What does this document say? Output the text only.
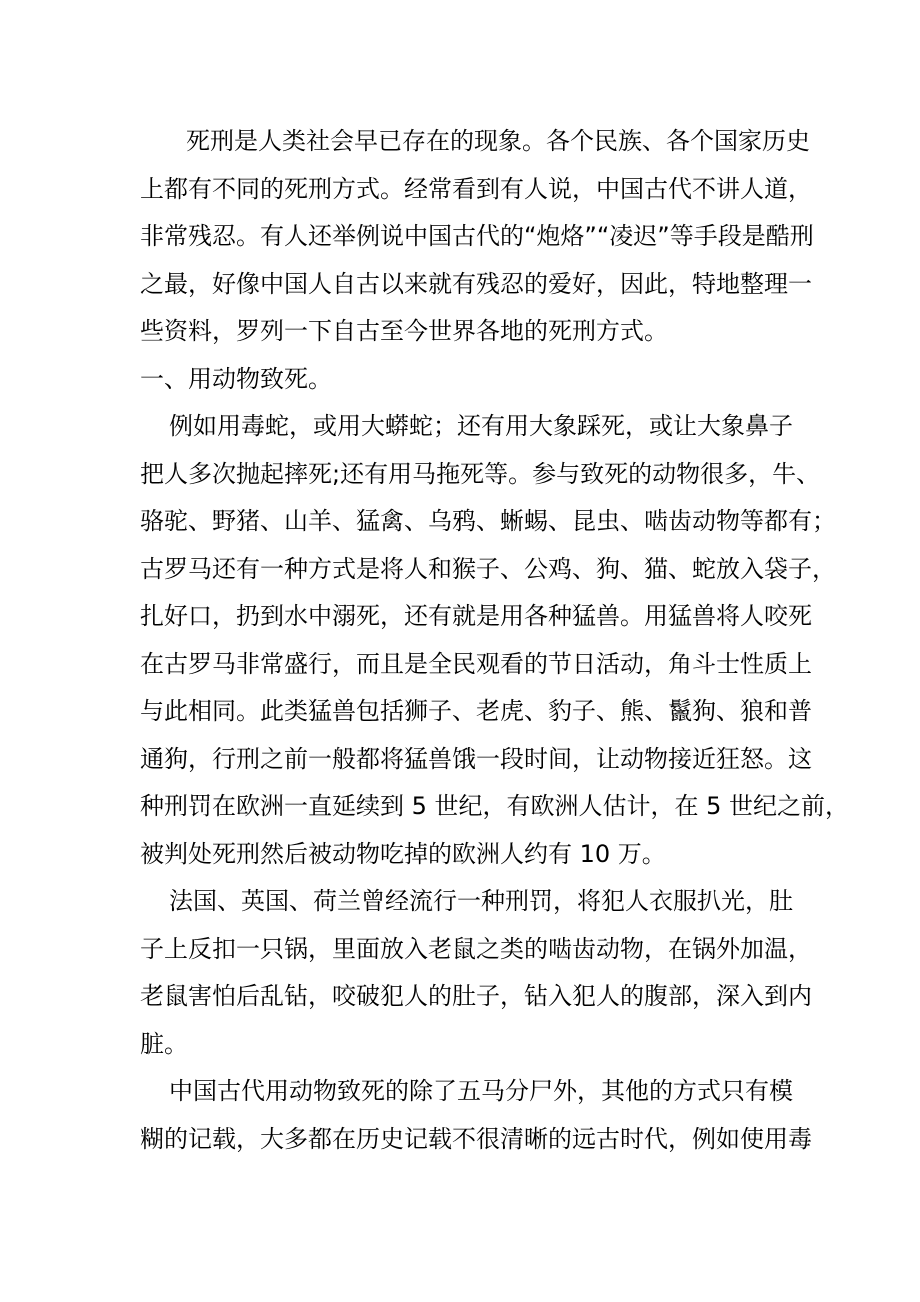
死刑是人类社会早已存在的现象。各个民族、各个国家历史
上都有不同的死刑方式。经常看到有人说，中国古代不讲人道，
非常残忍。有人还举例说中国古代的“炮烙”“凌迟”等手段是酷刑
之最，好像中国人自古以来就有残忍的爱好，因此，特地整理一
些资料，罗列一下自古至今世界各地的死刑方式。
一、用动物致死。
例如用毒蛇，或用大蟒蛇；还有用大象踩死，或让大象鼻子
把人多次抛起摔死;还有用马拖死等。参与致死的动物很多，牛、
骆驼、野猪、山羊、猛禽、乌鸦、蜥蜴、昆虫、啮齿动物等都有；
古罗马还有一种方式是将人和猴子、公鸡、狗、猫、蛇放入袋子，
扎好口，扔到水中溺死，还有就是用各种猛兽。用猛兽将人咬死
在古罗马非常盛行，而且是全民观看的节日活动，角斗士性质上
与此相同。此类猛兽包括狮子、老虎、豹子、熊、鬣狗、狼和普
通狗，行刑之前一般都将猛兽饿一段时间，让动物接近狂怒。这
种刑罚在欧洲一直延续到 5 世纪，有欧洲人估计，在 5 世纪之前，
被判处死刑然后被动物吃掉的欧洲人约有 10 万。
法国、英国、荷兰曾经流行一种刑罚，将犯人衣服扒光，肚
子上反扣一只锅，里面放入老鼠之类的啮齿动物，在锅外加温，
老鼠害怕后乱钻，咬破犯人的肚子，钻入犯人的腹部，深入到内
脏。
中国古代用动物致死的除了五马分尸外，其他的方式只有模
糊的记载，大多都在历史记载不很清晰的远古时代，例如使用毒
